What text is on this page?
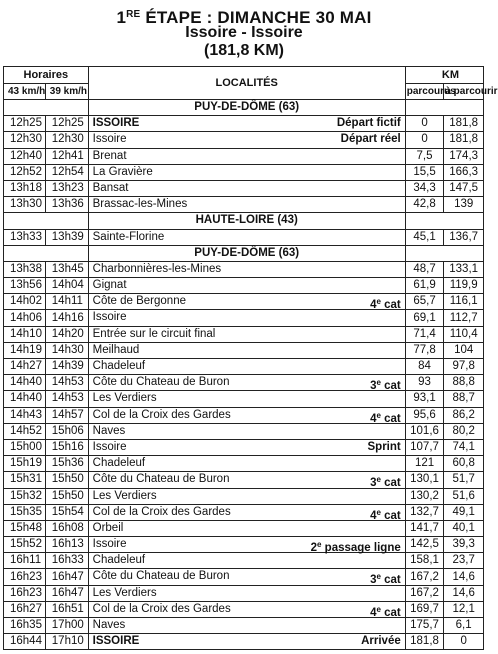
1RE ÉTAPE : DIMANCHE 30 MAI
Issoire - Issoire
(181,8 KM)
Horaires		LOCALITÉS	KM	
43 km/h	39 km/h		parcourus	à parcourir
		PUY-DE-DÔME (63)		
12h25	12h25	ISSOIRE Départ fictif	0	181,8
12h30	12h30	Issoire Départ réel	0	181,8
12h40	12h41	Brenat	7,5	174,3
12h52	12h54	La Gravière	15,5	166,3
13h18	13h23	Bansat	34,3	147,5
13h30	13h36	Brassac-les-Mines	42,8	139
		HAUTE-LOIRE (43)		
13h33	13h39	Sainte-Florine	45,1	136,7
		PUY-DE-DÔME (63)		
13h38	13h45	Charbonnières-les-Mines	48,7	133,1
13h56	14h04	Gignat	61,9	119,9
14h02	14h11	Côte de Bergonne 4e cat	65,7	116,1
14h06	14h16	Issoire	69,1	112,7
14h10	14h20	Entrée sur le circuit final	71,4	110,4
14h19	14h30	Meilhaud	77,8	104
14h27	14h39	Chadeleuf	84	97,8
14h40	14h53	Côte du Chateau de Buron 3e cat	93	88,8
14h40	14h53	Les Verdiers	93,1	88,7
14h43	14h57	Col de la Croix des Gardes 4e cat	95,6	86,2
14h52	15h06	Naves	101,6	80,2
15h00	15h16	Issoire Sprint	107,7	74,1
15h19	15h36	Chadeleuf	121	60,8
15h31	15h50	Côte du Chateau de Buron 3e cat	130,1	51,7
15h32	15h50	Les Verdiers	130,2	51,6
15h35	15h54	Col de la Croix des Gardes 4e cat	132,7	49,1
15h48	16h08	Orbeil	141,7	40,1
15h52	16h13	Issoire 2e passage ligne	142,5	39,3
16h11	16h33	Chadeleuf	158,1	23,7
16h23	16h47	Côte du Chateau de Buron 3e cat	167,2	14,6
16h23	16h47	Les Verdiers	167,2	14,6
16h27	16h51	Col de la Croix des Gardes 4e cat	169,7	12,1
16h35	17h00	Naves	175,7	6,1
16h44	17h10	ISSOIRE Arrivée	181,8	0
